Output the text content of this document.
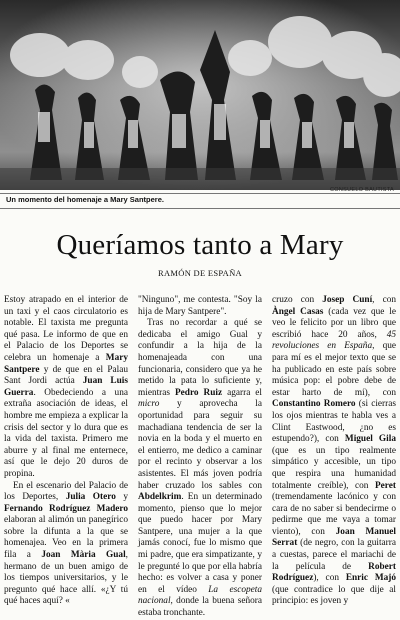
CONSUELO BAUTISTA
Un momento del homenaje a Mary Santpere.
Queríamos tanto a Mary
RAMÓN DE ESPAÑA

Estoy atrapado en el interior de un taxi y el caos circulatorio es notable. El taxista me pregunta qué pasa. Le informo de que en el Palacio de los Deportes se celebra un homenaje a Mary Santpere y de que en el Palau Sant Jordi actúa Juan Luis Guerra. Obedeciendo a una extraña asociación de ideas, el hombre me empieza a explicar la crisis del sector y lo dura que es la vida del taxista. Primero me aburre y al final me enternece, así que le dejo 20 duros de propina.

En el escenario del Palacio de los Deportes, Julia Otero y Fernando Rodríguez Madero elaboran al alimón un panegírico sobre la difunta a la que se homenajea. Veo en la primera fila a Joan Mària Gual, hermano de un buen amigo de los tiempos universitarios, y le pregunto qué hace allí. «¿Y tú qué haces aquí? «

"Ninguno", me contesta. "Soy la hija de Mary Santpere".

Tras no recordar a qué se dedicaba el amigo Gual y confundir a la hija de la homenajeada con una funcionaria, considero que ya he metido la pata lo suficiente y, mientras Pedro Ruiz agarra el micro y aprovecha la oportunidad para seguir su machadiana tendencia de ser la novia en la boda y el muerto en el entierro, me dedico a caminar por el recinto y observar a los asistentes. El más joven podría haber cruzado los sables con Abdelkrim. En un determinado momento, pienso que lo mejor que puedo hacer por Mary Santpere, una mujer a la que jamás conocí, fue lo mismo que mi padre, que era simpatizante, y le pregunté lo que por ella habría hecho: es volver a casa y poner en el vídeo La escopeta nacional, donde la buena señora estaba tronchante.

cruzo con Josep Cuní, con Àngel Casas (cada vez que le veo le felicito por un libro que escribió hace 20 años, 45 revoluciones en España, que para mí es el mejor texto que se ha publicado en este país sobre música pop: el pobre debe de estar harto de mí), con Constantino Romero (si cierras los ojos mientras te habla ves a Clint Eastwood, ¿no es estupendo?), con Miguel Gila (que es un tipo realmente simpático y accesible, un tipo que respira una humanidad totalmente creíble), con Peret (tremendamente lacónico y con cara de no saber si bendecirme o pedirme que me vaya a tomar viento), con Joan Manuel Serrat (de negro, con la guitarra a cuestas, parece el mariachi de la película de Robert Rodríguez), con Enric Majó (que contradice lo que dije al principio: es joven y
